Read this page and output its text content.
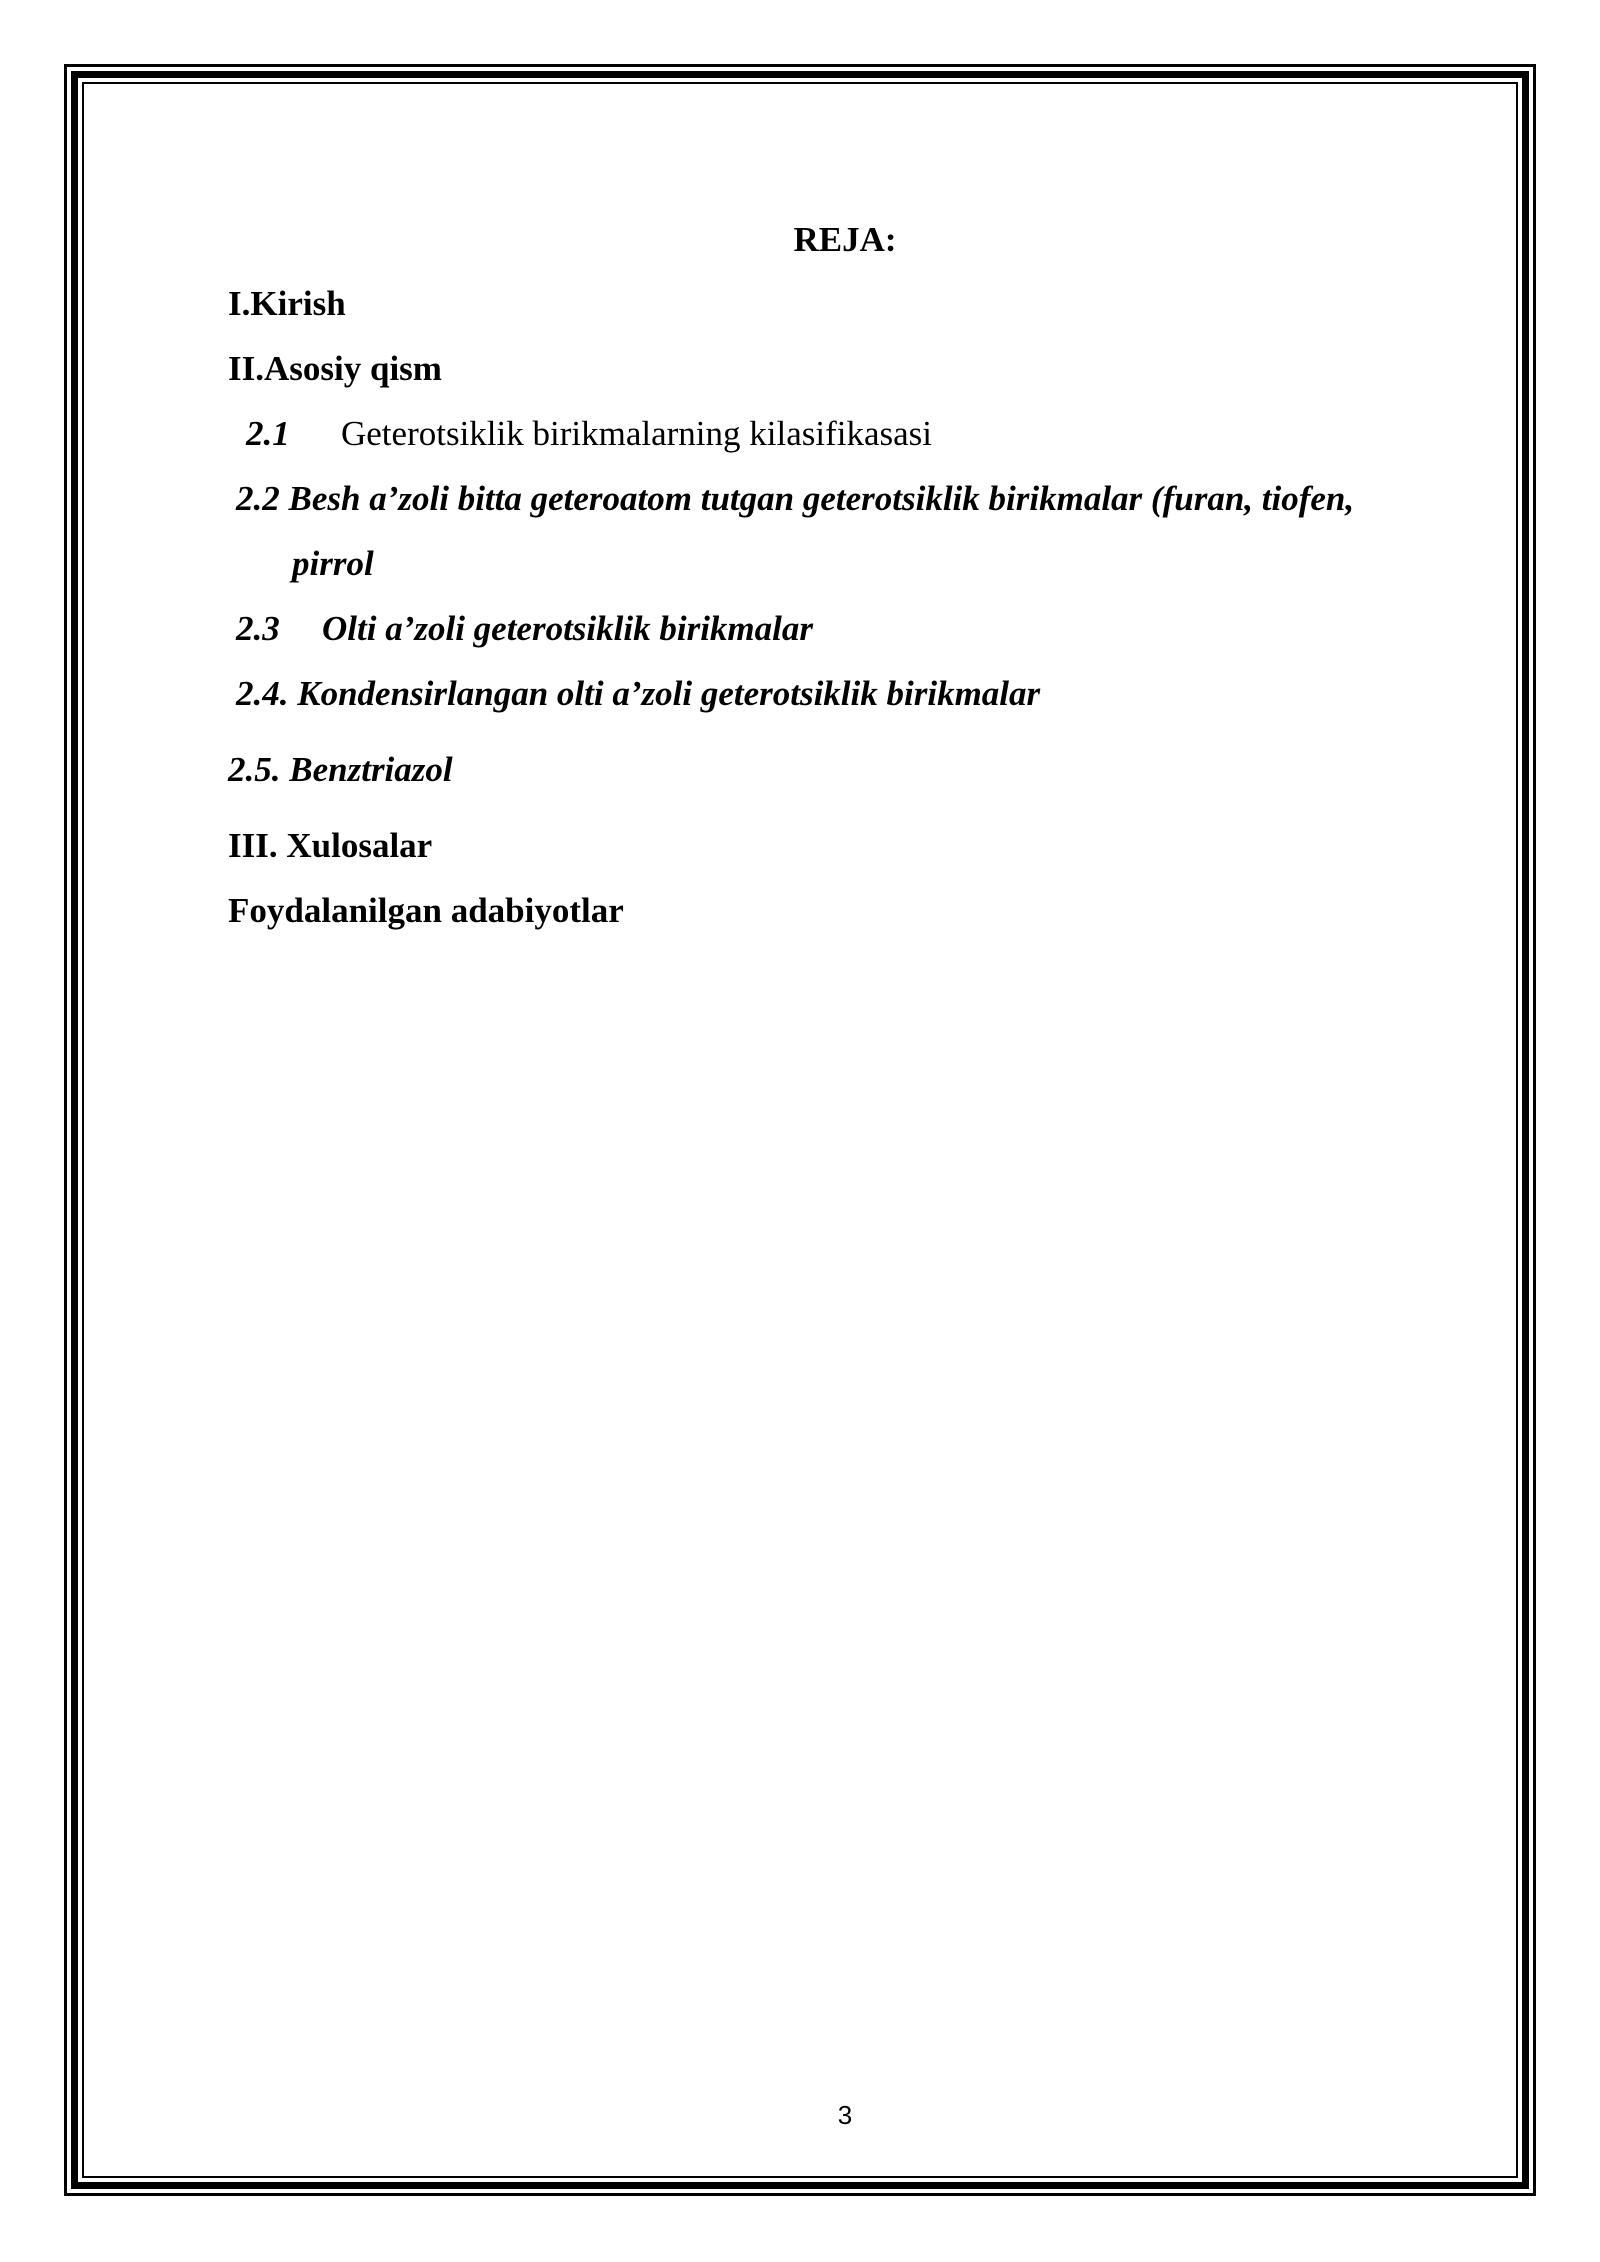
REJA:
I.Kirish
II.Asosiy qism
2.1 Geterotsiklik birikmalarning kilasifikasasi
2.2 Besh a’zoli bitta geteroatom tutgan geterotsiklik birikmalar (furan, tiofen,
pirrol
2.3 Olti a’zoli geterotsiklik birikmalar
2.4. Kondensirlangan olti a’zoli geterotsiklik birikmalar
2.5. Benztriazol
III. Xulosalar
Foydalanilgan adabiyotlar
3
